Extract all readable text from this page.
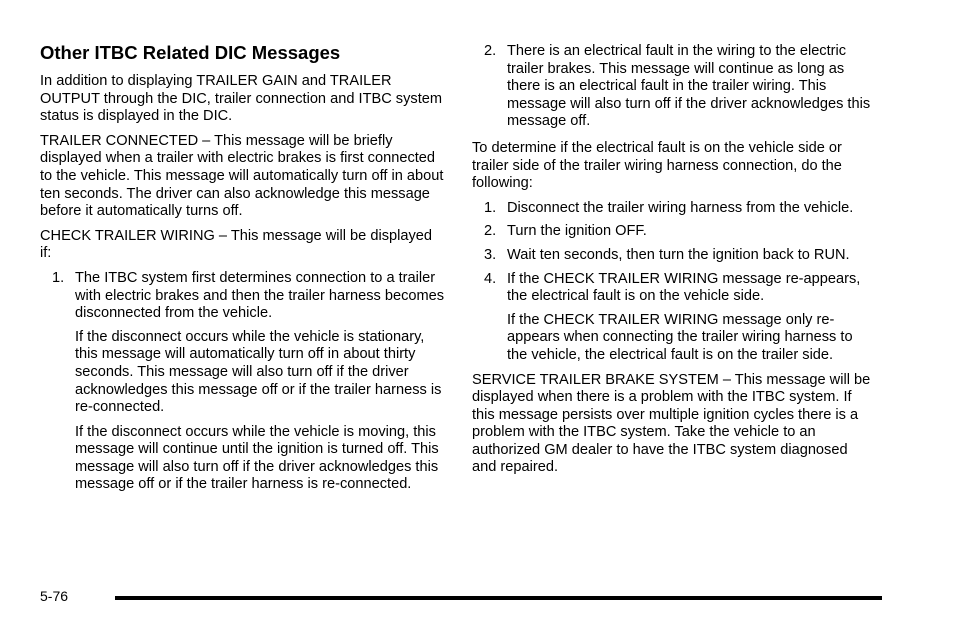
Other ITBC Related DIC Messages

In addition to displaying TRAILER GAIN and TRAILER OUTPUT through the DIC, trailer connection and ITBC system status is displayed in the DIC.

TRAILER CONNECTED – This message will be briefly displayed when a trailer with electric brakes is first connected to the vehicle. This message will automatically turn off in about ten seconds. The driver can also acknowledge this message before it automatically turns off.

CHECK TRAILER WIRING – This message will be displayed if:

1. The ITBC system first determines connection to a trailer with electric brakes and then the trailer harness becomes disconnected from the vehicle.

If the disconnect occurs while the vehicle is stationary, this message will automatically turn off in about thirty seconds. This message will also turn off if the driver acknowledges this message off or if the trailer harness is re-connected.

If the disconnect occurs while the vehicle is moving, this message will continue until the ignition is turned off. This message will also turn off if the driver acknowledges this message off or if the trailer harness is re-connected.

2. There is an electrical fault in the wiring to the electric trailer brakes. This message will continue as long as there is an electrical fault in the trailer wiring. This message will also turn off if the driver acknowledges this message off.

To determine if the electrical fault is on the vehicle side or trailer side of the trailer wiring harness connection, do the following:

1. Disconnect the trailer wiring harness from the vehicle.
2. Turn the ignition OFF.
3. Wait ten seconds, then turn the ignition back to RUN.
4. If the CHECK TRAILER WIRING message re-appears, the electrical fault is on the vehicle side.

If the CHECK TRAILER WIRING message only re-appears when connecting the trailer wiring harness to the vehicle, the electrical fault is on the trailer side.

SERVICE TRAILER BRAKE SYSTEM – This message will be displayed when there is a problem with the ITBC system. If this message persists over multiple ignition cycles there is a problem with the ITBC system. Take the vehicle to an authorized GM dealer to have the ITBC system diagnosed and repaired.

5-76
